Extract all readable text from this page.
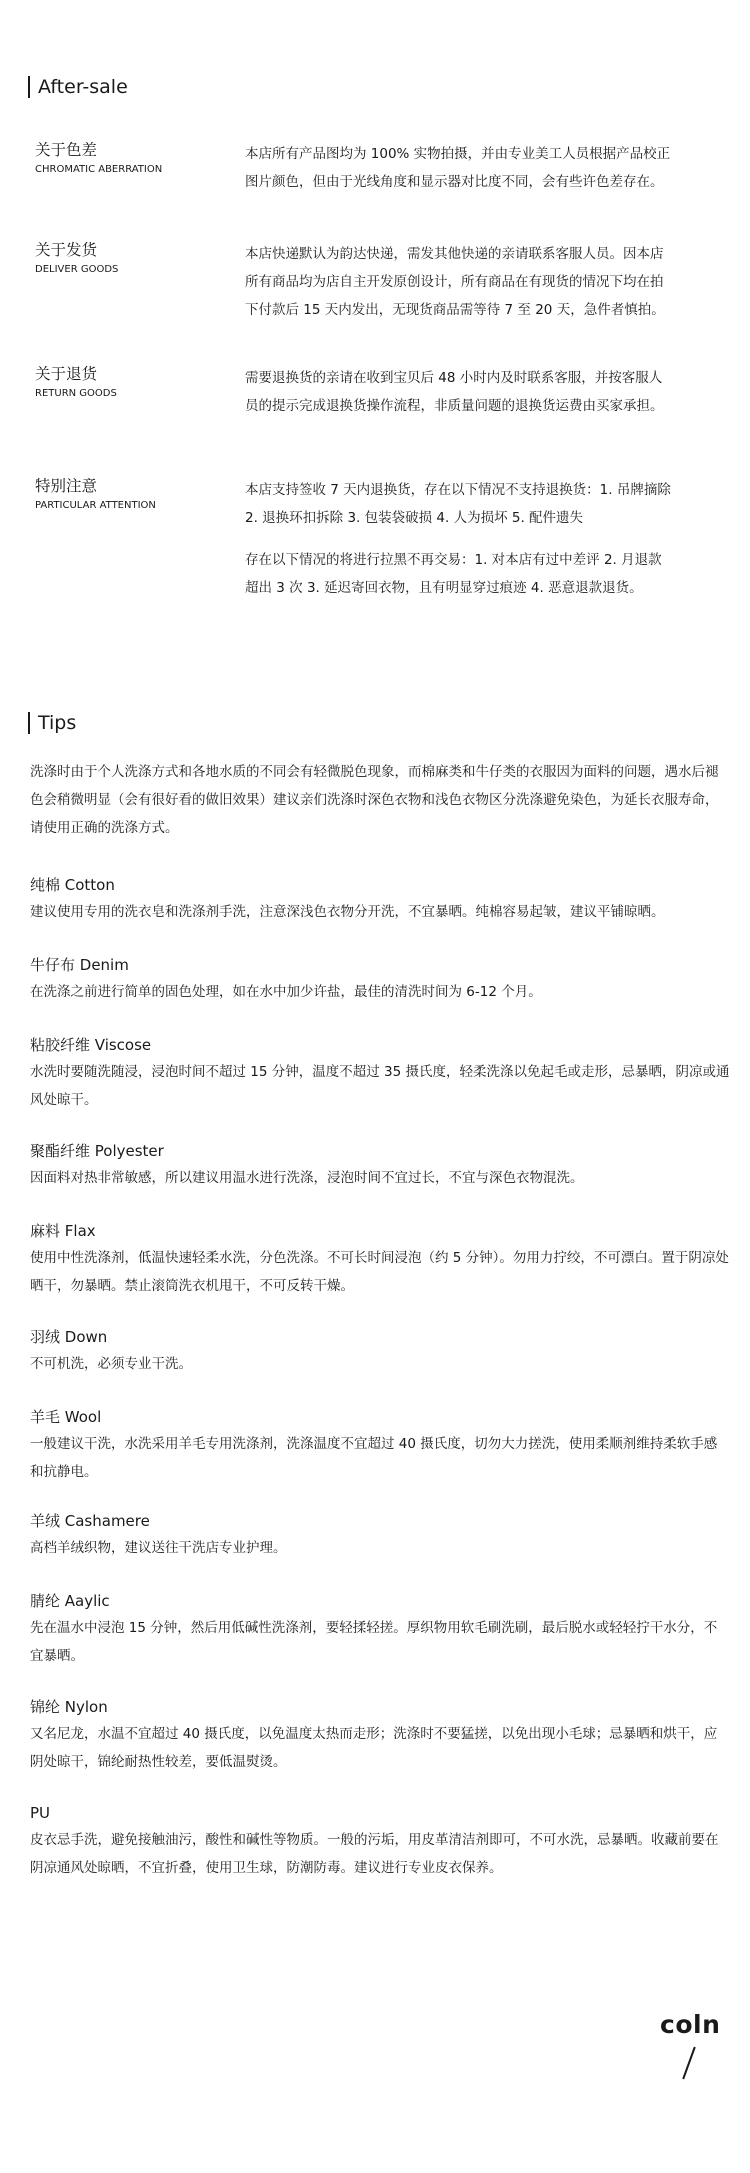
After-sale
关于色差
CHROMATIC ABERRATION

本店所有产品图均为 100% 实物拍摄，并由专业美工人员根据产品校正图片颜色，但由于光线角度和显示器对比度不同，会有些许色差存在。

关于发货
DELIVER GOODS

本店快递默认为韵达快递，需发其他快递的亲请联系客服人员。因本店所有商品均为店自主开发原创设计，所有商品在有现货的情况下均在拍下付款后 15 天内发出，无现货商品需等待 7 至 20 天，急件者慎拍。

关于退货
RETURN GOODS

需要退换货的亲请在收到宝贝后 48 小时内及时联系客服，并按客服人员的提示完成退换货操作流程，非质量问题的退换货运费由买家承担。

特别注意
PARTICULAR ATTENTION

本店支持签收 7 天内退换货，存在以下情况不支持退换货：1. 吊牌摘除 2. 退换环扣拆除 3. 包装袋破损 4. 人为损坏 5. 配件遗失

存在以下情况的将进行拉黑不再交易：1. 对本店有过中差评 2. 月退款超出 3 次 3. 延迟寄回衣物，且有明显穿过痕迹 4. 恶意退款退货。

Tips
洗涤时由于个人洗涤方式和各地水质的不同会有轻微脱色现象，而棉麻类和牛仔类的衣服因为面料的问题，遇水后褪色会稍微明显（会有很好看的做旧效果）建议亲们洗涤时深色衣物和浅色衣物区分洗涤避免染色，为延长衣服寿命，请使用正确的洗涤方式。
纯棉 Cotton
建议使用专用的洗衣皂和洗涤剂手洗，注意深浅色衣物分开洗，不宜暴晒。纯棉容易起皱，建议平铺晾晒。
牛仔布 Denim
在洗涤之前进行简单的固色处理，如在水中加少许盐，最佳的清洗时间为 6-12 个月。
粘胶纤维 Viscose
水洗时要随洗随浸，浸泡时间不超过 15 分钟，温度不超过 35 摄氏度，轻柔洗涤以免起毛或走形，忌暴晒，阴凉或通风处晾干。
聚酯纤维 Polyester
因面料对热非常敏感，所以建议用温水进行洗涤，浸泡时间不宜过长，不宜与深色衣物混洗。
麻料 Flax
使用中性洗涤剂，低温快速轻柔水洗，分色洗涤。不可长时间浸泡（约 5 分钟）。勿用力拧绞，不可漂白。置于阴凉处晒干，勿暴晒。禁止滚筒洗衣机甩干，不可反转干燥。
羽绒 Down
不可机洗，必须专业干洗。
羊毛 Wool
一般建议干洗，水洗采用羊毛专用洗涤剂，洗涤温度不宜超过 40 摄氏度，切勿大力搓洗，使用柔顺剂维持柔软手感和抗静电。
羊绒 Cashamere
高档羊绒织物，建议送往干洗店专业护理。
腈纶 Aaylic
先在温水中浸泡 15 分钟，然后用低碱性洗涤剂，要轻揉轻搓。厚织物用软毛刷洗刷，最后脱水或轻轻拧干水分，不宜暴晒。
锦纶 Nylon
又名尼龙，水温不宜超过 40 摄氏度，以免温度太热而走形；洗涤时不要猛搓，以免出现小毛球；忌暴晒和烘干，应阴处晾干，锦纶耐热性较差，要低温熨烫。
PU
皮衣忌手洗，避免接触油污，酸性和碱性等物质。一般的污垢，用皮革清洁剂即可，不可水洗，忌暴晒。收藏前要在阴凉通风处晾晒，不宜折叠，使用卫生球，防潮防毒。建议进行专业皮衣保养。
coln
